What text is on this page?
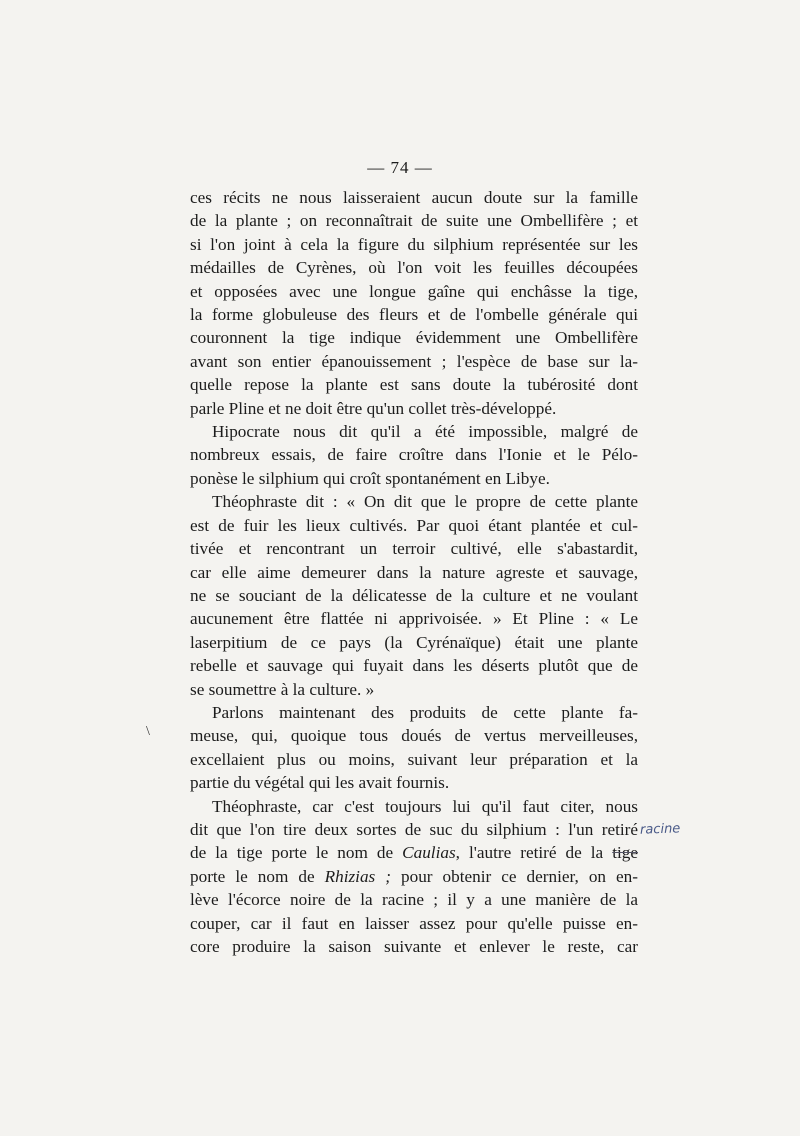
— 74 —
\

ces récits ne nous laisseraient aucun doute sur la famille
de la plante ; on reconnaîtrait de suite une Ombellifère ; et
si l'on joint à cela la figure du silphium représentée sur les
médailles de Cyrènes, où l'on voit les feuilles découpées
et opposées avec une longue gaîne qui enchâsse la tige,
la forme globuleuse des fleurs et de l'ombelle générale qui
couronnent la tige indique évidemment une Ombellifère
avant son entier épanouissement ; l'espèce de base sur la-
quelle repose la plante est sans doute la tubérosité dont
parle Pline et ne doit être qu'un collet très-développé.

Hipocrate nous dit qu'il a été impossible, malgré de
nombreux essais, de faire croître dans l'Ionie et le Pélo-
ponèse le silphium qui croît spontanément en Libye.

Théophraste dit : « On dit que le propre de cette plante
est de fuir les lieux cultivés. Par quoi étant plantée et cul-
tivée et rencontrant un terroir cultivé, elle s'abastardit,
car elle aime demeurer dans la nature agreste et sauvage,
ne se souciant de la délicatesse de la culture et ne voulant
aucunement être flattée ni apprivoisée. » Et Pline : « Le
laserpitium de ce pays (la Cyrénaïque) était une plante
rebelle et sauvage qui fuyait dans les déserts plutôt que de
se soumettre à la culture. »

Parlons maintenant des produits de cette plante fa-
meuse, qui, quoique tous doués de vertus merveilleuses,
excellaient plus ou moins, suivant leur préparation et la
partie du végétal qui les avait fournis.

Théophraste, car c'est toujours lui qu'il faut citer, nous
dit que l'on tire deux sortes de suc du silphium : l'un retiré
de la tige porte le nom de Caulias, l'autre retiré de la tige
porte le nom de Rhizias ; pour obtenir ce dernier, on en-
lève l'écorce noire de la racine ; il y a une manière de la
couper, car il faut en laisser assez pour qu'elle puisse en-
core produire la saison suivante et enlever le reste, car

racine
